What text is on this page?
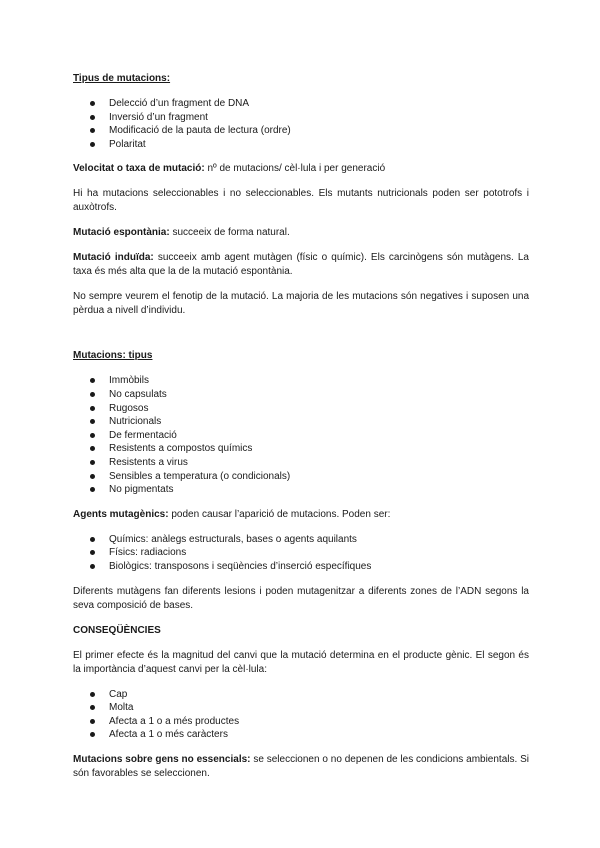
Tipus de mutacions:
Delecció d’un fragment de DNA
Inversió d’un fragment
Modificació de la pauta de lectura (ordre)
Polaritat

Velocitat o taxa de mutació: nº de mutacions/ cèl·lula i per generació

Hi ha mutacions seleccionables i no seleccionables. Els mutants nutricionals poden ser pototrofs i auxòtrofs.

Mutació espontània: succeeix de forma natural.

Mutació induïda: succeeix amb agent mutàgen (físic o químic). Els carcinògens són mutàgens. La taxa és més alta que la de la mutació espontània.

No sempre veurem el fenotip de la mutació. La majoria de les mutacions són negatives i suposen una pèrdua a nivell d’individu.

Mutacions: tipus
Immòbils
No capsulats
Rugosos
Nutricionals
De fermentació
Resistents a compostos químics
Resistents a virus
Sensibles a temperatura (o condicionals)
No pigmentats

Agents mutagènics: poden causar l’aparició de mutacions. Poden ser:

Químics: anàlegs estructurals, bases o agents aquilants
Físics: radiacions
Biològics: transposons i seqüències d’inserció específiques

Diferents mutàgens fan diferents lesions i poden mutagenitzar a diferents zones de l’ADN segons la seva composició de bases.

CONSEQÜÈNCIES

El primer efecte és la magnitud del canvi que la mutació determina en el producte gènic. El segon és la importància d’aquest canvi per la cèl·lula:

Cap
Molta
Afecta a 1 o a més productes
Afecta a 1 o més caràcters

Mutacions sobre gens no essencials: se seleccionen o no depenen de les condicions ambientals. Si són favorables se seleccionen.
